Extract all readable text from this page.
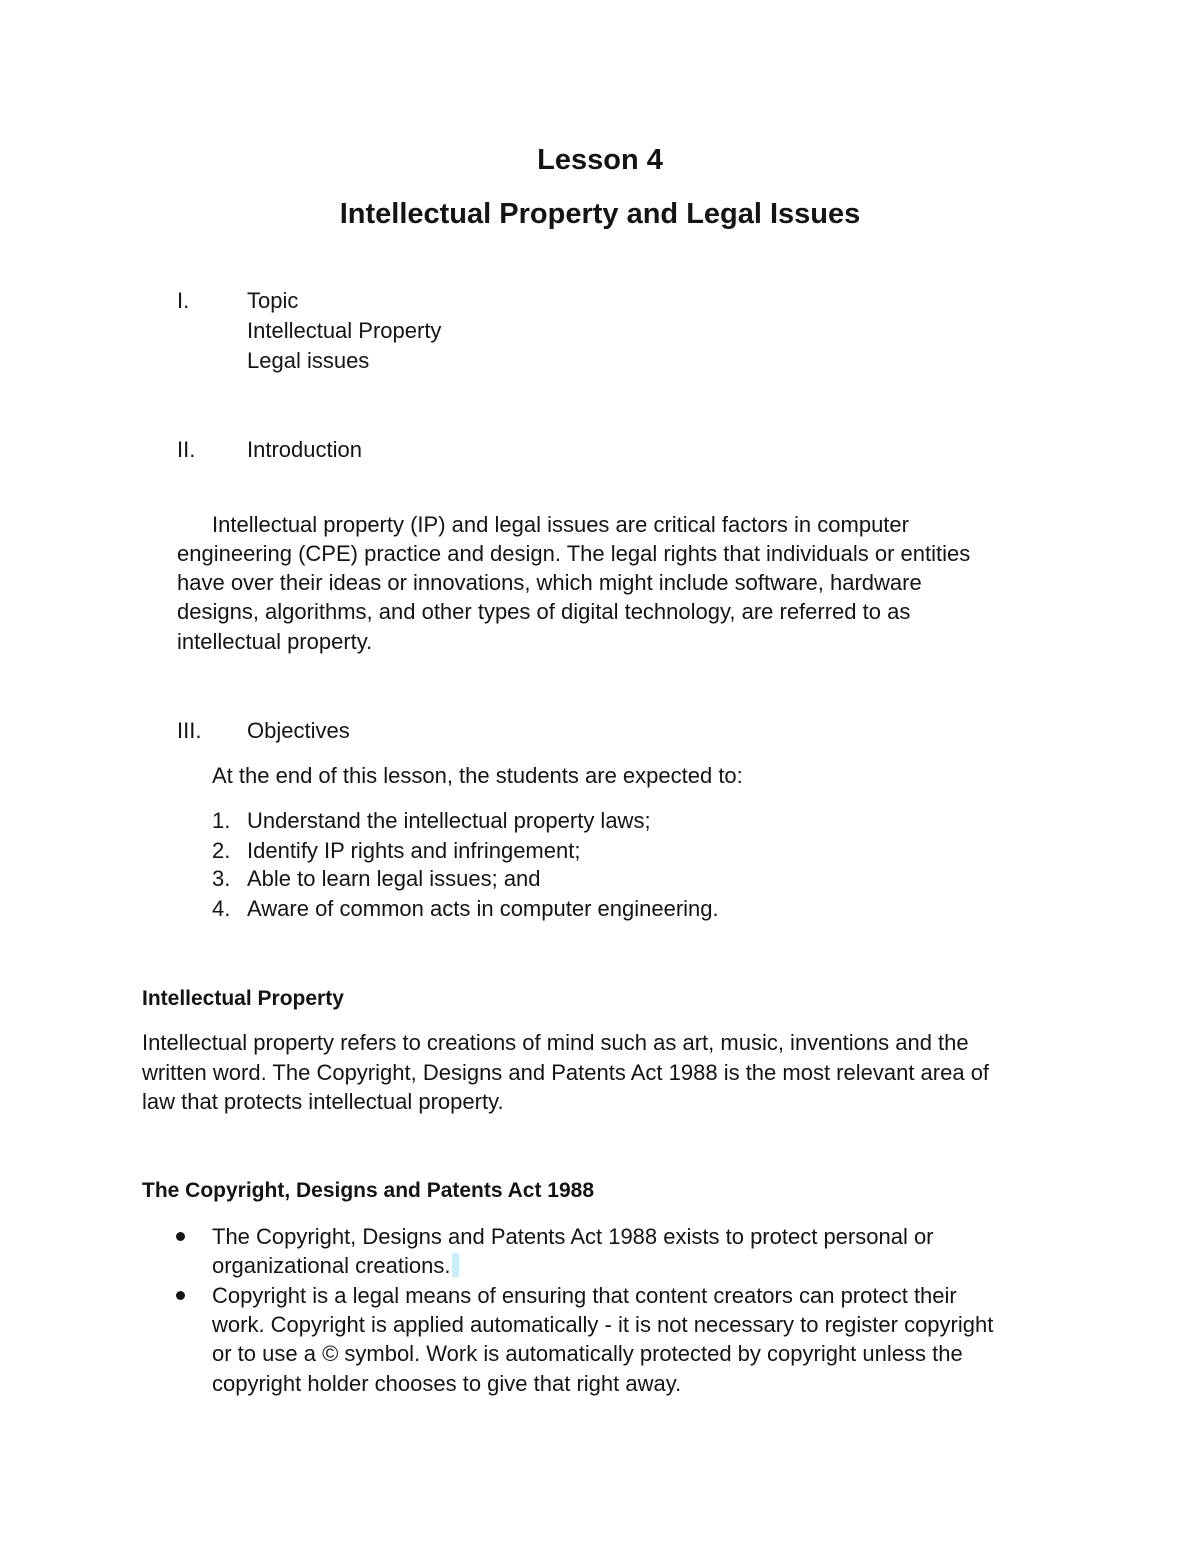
Lesson 4
Intellectual Property and Legal Issues
I.	Topic
Intellectual Property
Legal issues
II. Introduction
Intellectual property (IP) and legal issues are critical factors in computer
engineering (CPE) practice and design. The legal rights that individuals or entities
have over their ideas or innovations, which might include software, hardware
designs, algorithms, and other types of digital technology, are referred to as
intellectual property.
III. Objectives
At the end of this lesson, the students are expected to:
1. Understand the intellectual property laws;
2. Identify IP rights and infringement;
3. Able to learn legal issues; and
4. Aware of common acts in computer engineering.
Intellectual Property
Intellectual property refers to creations of mind such as art, music, inventions and the
written word. The Copyright, Designs and Patents Act 1988 is the most relevant area of
law that protects intellectual property.
The Copyright, Designs and Patents Act 1988
The Copyright, Designs and Patents Act 1988 exists to protect personal or
organizational creations.
Copyright is a legal means of ensuring that content creators can protect their
work. Copyright is applied automatically - it is not necessary to register copyright
or to use a © symbol. Work is automatically protected by copyright unless the
copyright holder chooses to give that right away.
